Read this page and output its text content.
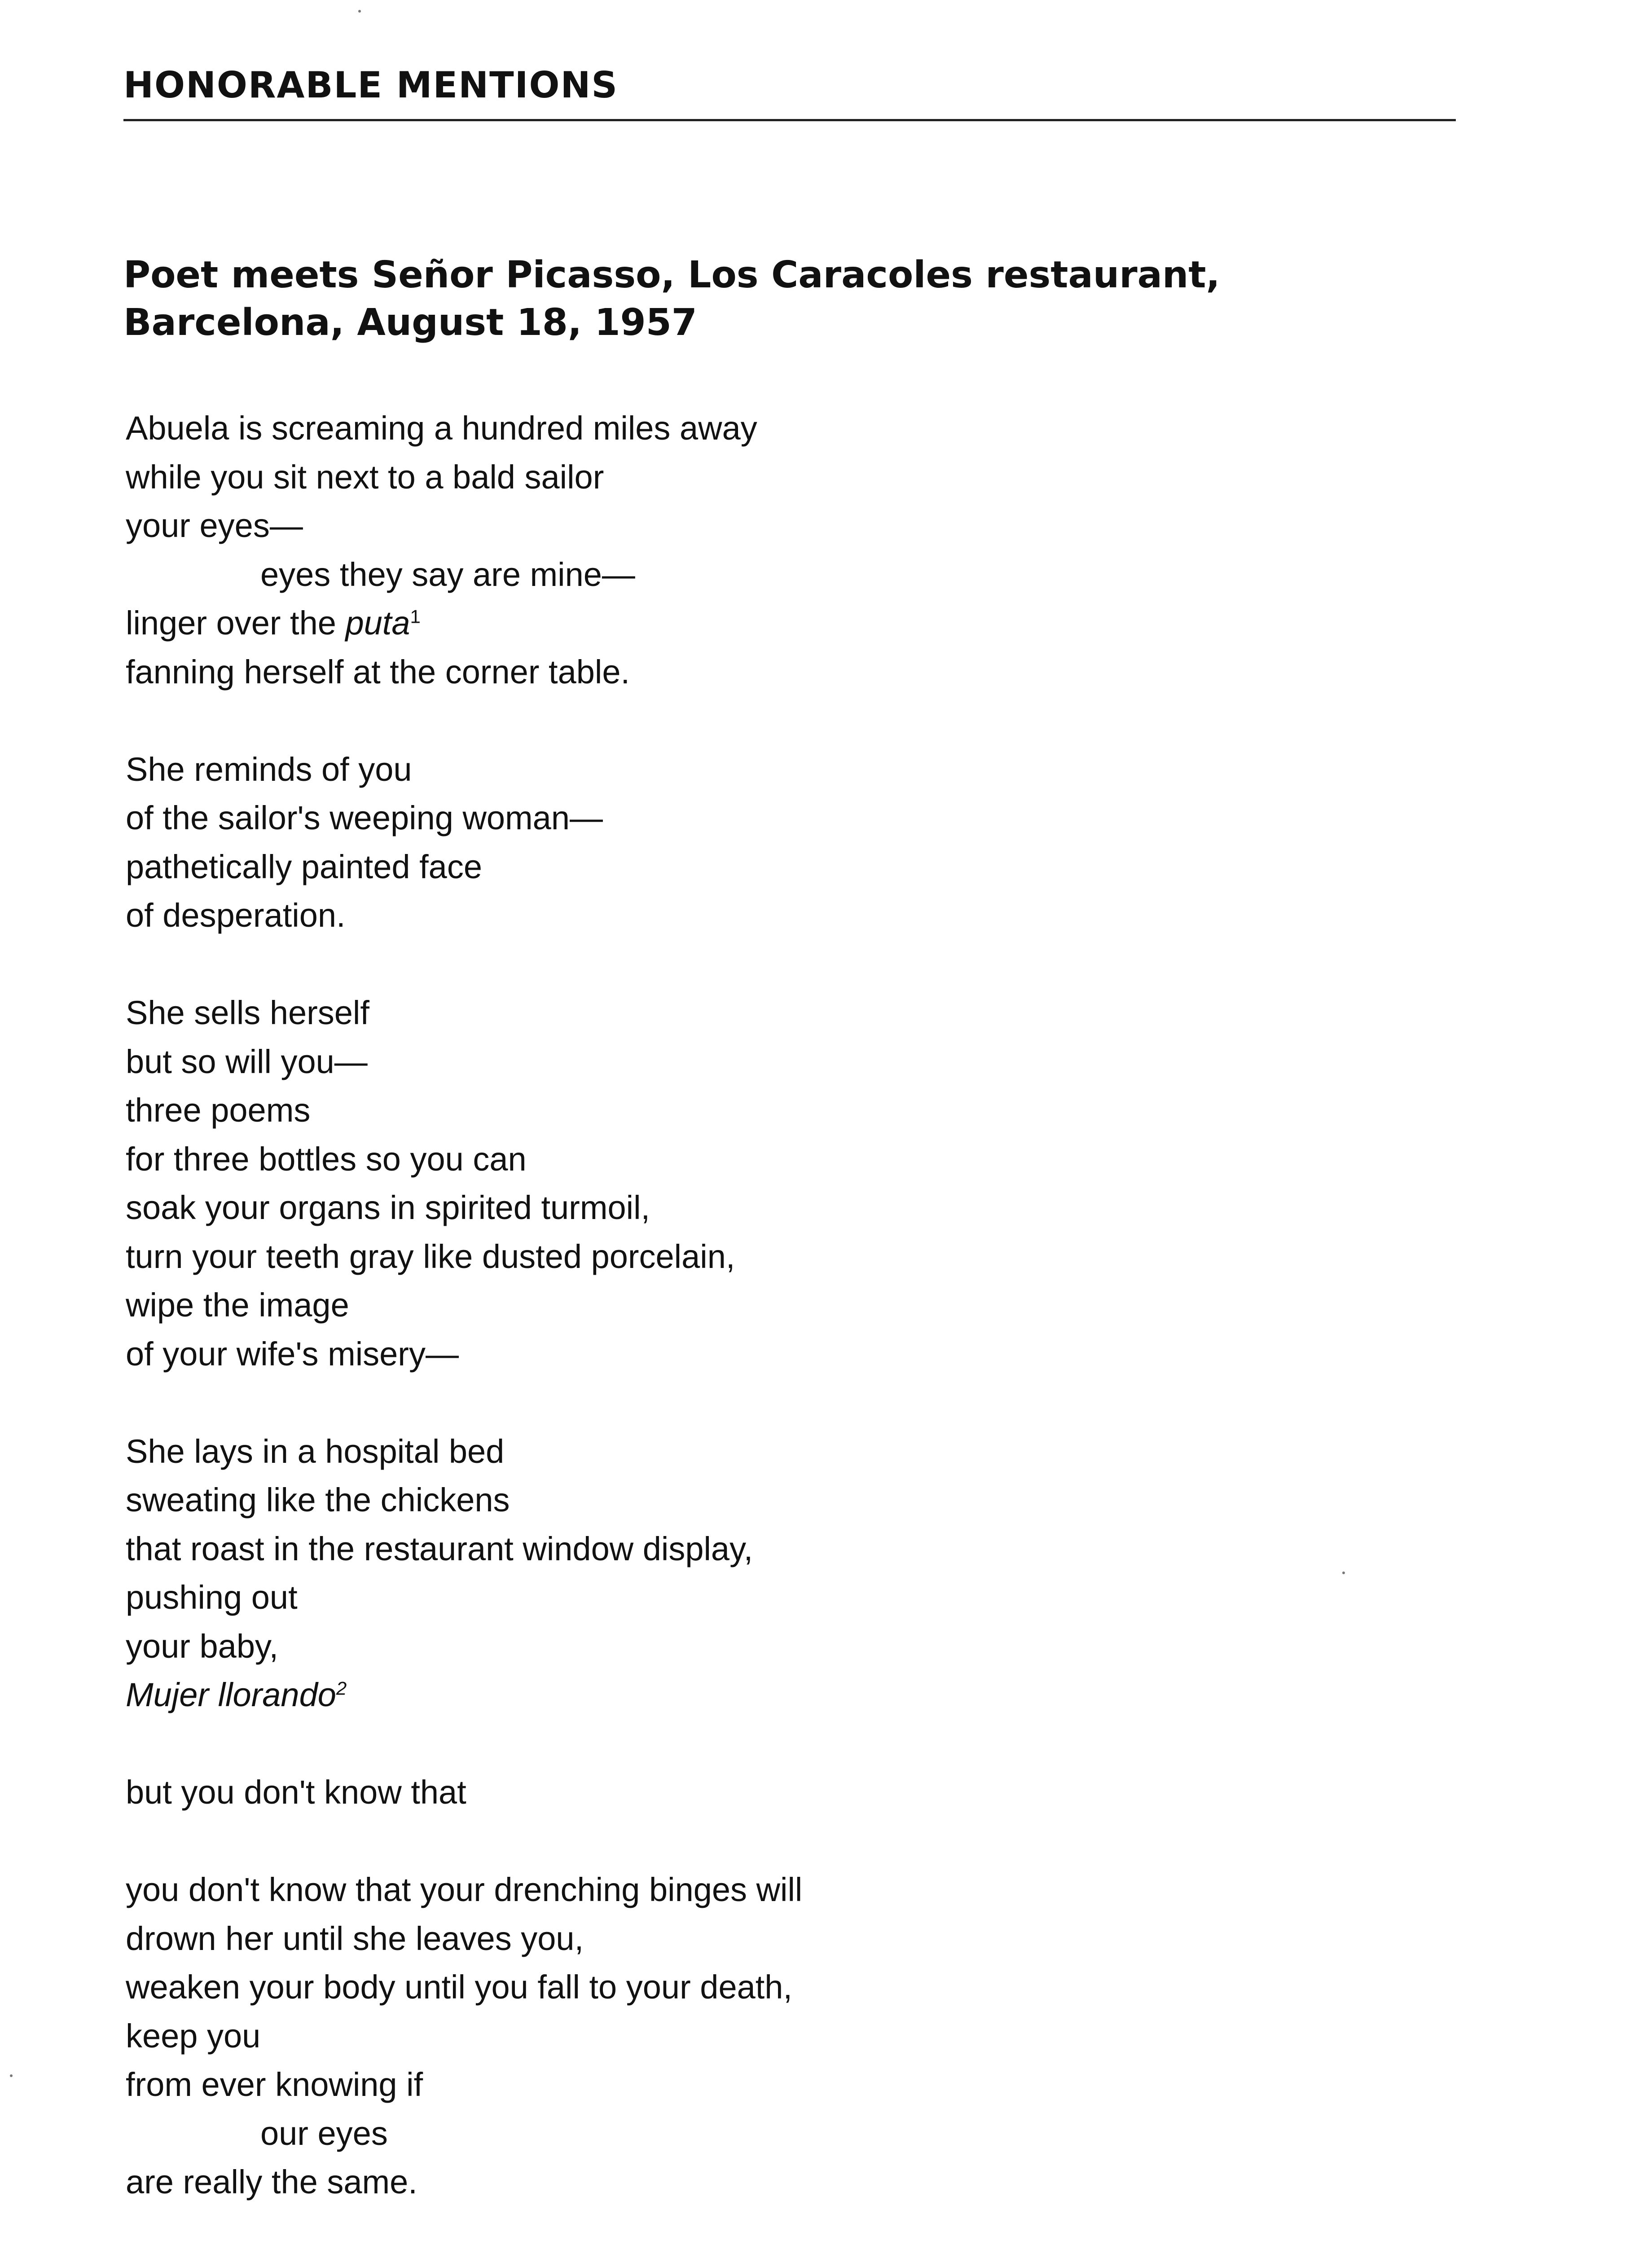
HONORABLE MENTIONS
Poet meets Señor Picasso, Los Caracoles restaurant,
Barcelona, August 18, 1957
Abuela is screaming a hundred miles away
while you sit next to a bald sailor
your eyes—
eyes they say are mine—
linger over the puta$^1$
fanning herself at the corner table.
She reminds of you
of the sailor's weeping woman—
pathetically painted face
of desperation.
She sells herself
but so will you—
three poems
for three bottles so you can
soak your organs in spirited turmoil,
turn your teeth gray like dusted porcelain,
wipe the image
of your wife's misery—
She lays in a hospital bed
sweating like the chickens
that roast in the restaurant window display,
pushing out
your baby,
Mujer llorando$^2$
but you don't know that
you don't know that your drenching binges will
drown her until she leaves you,
weaken your body until you fall to your death,
keep you
from ever knowing if
our eyes
are really the same.
